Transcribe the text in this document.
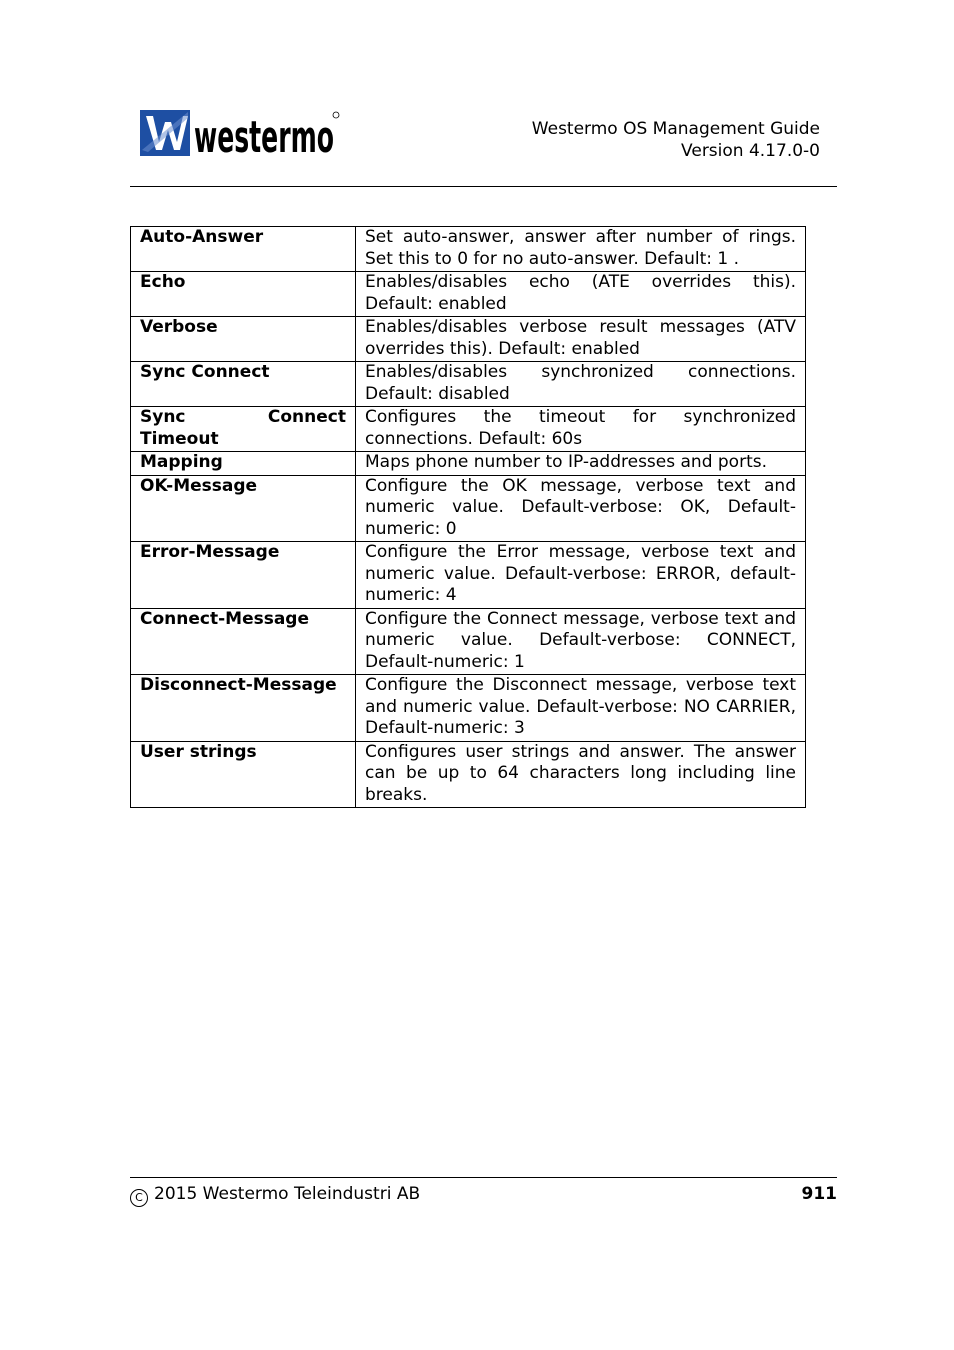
westermo	Westermo OS Management Guide
Version 4.17.0-0
Auto-Answer	Set auto-answer, answer after number of rings. Set this to 0 for no auto-answer. Default: 1 .
Echo	Enables/disables echo (ATE overrides this). Default: enabled
Verbose	Enables/disables verbose result messages (ATV overrides this). Default: enabled
Sync Connect	Enables/disables synchronized connections. Default: disabled
Sync Connect Timeout	Configures the timeout for synchronized connections. Default: 60s
Mapping	Maps phone number to IP-addresses and ports.
OK-Message	Configure the OK message, verbose text and numeric value. Default-verbose: OK, Default-numeric: 0
Error-Message	Configure the Error message, verbose text and numeric value. Default-verbose: ERROR, default-numeric: 4
Connect-Message	Configure the Connect message, verbose text and numeric value. Default-verbose: CONNECT, Default-numeric: 1
Disconnect-Message	Configure the Disconnect message, verbose text and numeric value. Default-verbose: NO CARRIER, Default-numeric: 3
User strings	Configures user strings and answer. The answer can be up to 64 characters long including line breaks.
C 2015 Westermo Teleindustri AB	911
